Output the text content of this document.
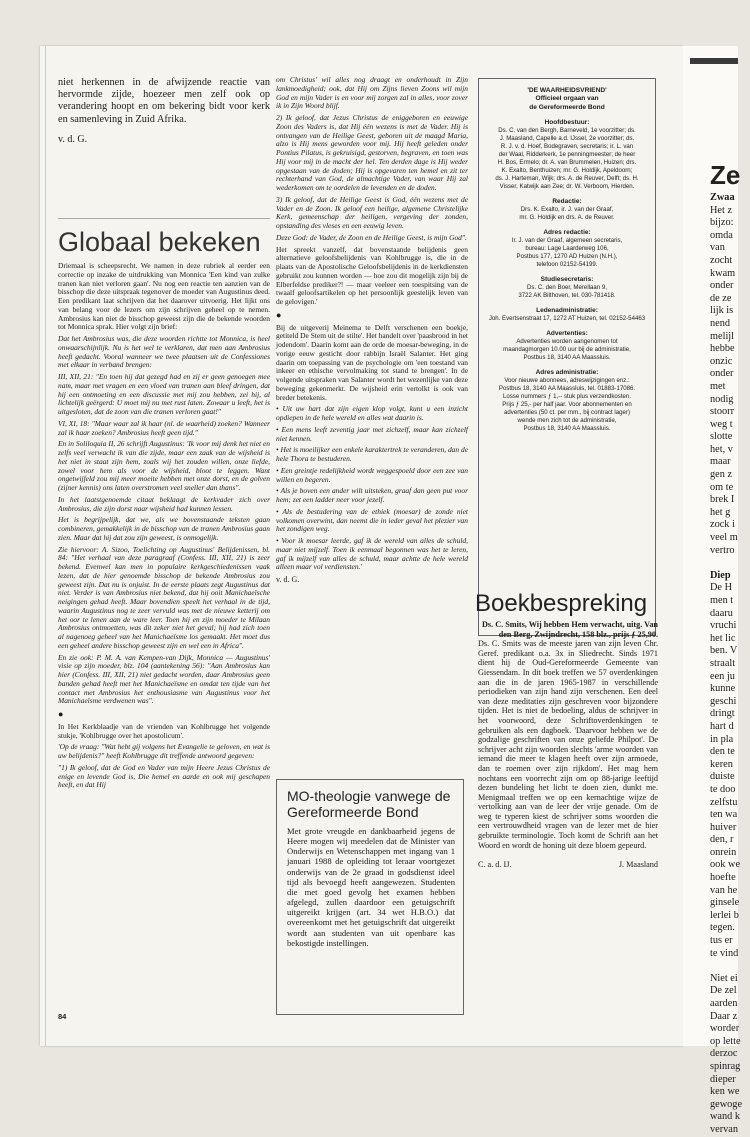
Ze
Zwaa
Het z
bijzo:
omda
van
zocht
kwam
onder
de ze
lijk is
nend
melijl
hebbe
onzic
onder
met
nodig
stoorr
weg t
slotte
het, v
maar
gen z
om te
brek I
het g
zock i
veel m
vertro
Diep
De H
men t
daaru
vruchi
het lic
ben. V
straalt
een ju
kunne
geschi
dringt
hart d
in pla
den te
keren
duiste
te doo
zelfstu
ten wa
huiver
den, r
onrein
ook we
hoefte
van he
ginsele
lerlei b
tegen.
tus er
te vind
Niet ei
De zel
aarden
Daar z
worder
op lette
derzoc
spinrag
dieper
ken we
gewoge
wand k
vervan

niet herkennen in de afwijzende reactie van hervormde zijde, hoezeer men zelf ook op verandering hoopt en om bekering bidt voor kerk en samenleving in Zuid Afrika.

v. d. G.

Globaal bekeken

Driemaal is scheepsrecht. We namen in deze rubriek al eerder een correctie op inzake de uitdrukking van Monnica 'Een kind van zulke tranen kan niet verloren gaan'. Nu nog een reactie ten aanzien van de bisschop die deze uitspraak tegenover de moeder van Augustinus deed. Een predikant laat schrijven dat het daarover uitvoerig. Het lijkt ons van belang voor de lezers om zijn schrijven geheel op te nemen. Ambrosius kan niet de bisschop geweest zijn die de bekende woorden tot Monnica sprak. Hier volgt zijn brief:

Dat het Ambrosius was, die deze woorden richtte tot Monnica, is heel onwaarschijnlijk. Nu is het wel te verklaren, dat men aan Ambrosius heeft gedacht. Vooral wanneer we twee plaatsen uit de Confessiones met elkaar in verband brengen:

III, XII, 21: "En toen hij dat gezegd had en zij er geen genoegen mee nam, maar met vragen en een vloed van tranen aan bleef dringen, dat hij een ontmoeting en een discussie met mij zou hebben, zei hij, al lichtelijk geërgerd: U moet mij nu met rust laten. Zowaar u leeft, het is uitgesloten, dat de zoon van die tranen verloren gaat!"

VI, XI, 18: "Maar waar zal ik haar (nl. de waarheid) zoeken? Wanneer zal ik haar zoeken? Ambrosius heeft geen tijd."

En in Soliloquia II, 26 schrijft Augustinus: 'Ik voor mij denk het niet en zelfs veel verwacht ik van die zijde, maar een zaak van de wijsheid is het niet in staat zijn hem, zoals wij het zouden willen, onze liefde, zowel voor hem als voor de wijsheid, bloot te leggen. Want ongetwijfeld zou mij meer moeite hebben met onze dorst, en de golven (zijner kennis) ons laten overstromen veel sneller dan thans".

In het laatstgenoemde citaat beklaagt de kerkvader zich over Ambrosius, die zijn dorst naar wijsheid had kunnen lessen.

Het is begrijpelijk, dat we, als we bovenstaande teksten gaan combineren, gemakkelijk in de bisschop van de tranen Ambrosius gaan zien. Maar dat hij dat zou zijn geweest, is onmogelijk.

Zie hiervoor: A. Sizoo, Toelichting op Augustinus' Belijdenissen, bl. 84: "Het verhaal van deze paragraaf (Confess. III, XII, 21) is zeer bekend. Evenwel kan men in populaire kerkgeschiedenissen vaak lezen, dat de hier genoemde bisschop de bekende Ambrosius zou geweest zijn. Dat nu is onjuist. In de eerste plaats zegt Augustinus dat niet. Verder is van Ambrosius niet bekend, dat hij ooit Manichaeïsche neigingen gehad heeft. Maar bovendien speelt het verhaal in de tijd, waarin Augustinus nog te zeer vervuld was met de nieuwe ketterij om het oor te lenen aan de ware leer. Toen hij en zijn moeder te Milaan Ambrosius ontmoetten, was dit zeker niet het geval; hij had zich toen al nagenoeg geheel van het Manichaeïsme los gemaakt. Het moet dus een geheel andere bisschop geweest zijn en wel een in Africa".

En zie ook: P. M. A. van Kempen-van Dijk, Monnica — Augustinus' visie op zijn moeder, blz. 104 (aantekening 56): "Aan Ambrosius kan hier (Confess. III, XII, 21) niet gedacht worden, daar Ambrosius geen banden gehad heeft met het Manichaeïsme en omdat ten tijde van het contact met Ambrosius het enthousiasme van Augustinus voor het Manichaeïsme verdwenen was".

●

In Het Kerkblaadje van de vrienden van Kohlbrugge het volgende stukje, 'Kohlbrugge over het apostolicum'.

'Op de vraag: "Wat hebt gij volgens het Evangelie te geloven, en wat is uw belijdenis?" heeft Kohlbrugge dit treffende antwoord gegeven:

"1) Ik geloof, dat de God en Vader van mijn Heere Jezus Christus de enige en levende God is, Die hemel en aarde en ook mij geschapen heeft, en dat Hij

om Christus' wil alles nog draagt en onderhoudt in Zijn lankmoedigheid; ook, dat Hij om Zijns lieven Zoons wil mijn God en mijn Vader is en voor mij zorgen zal in alles, voor zover ik in Zijn Woord blijf.

2) Ik geloof, dat Jezus Christus de eniggeboren en eeuwige Zoon des Vaders is, dat Hij één wezens is met de Vader. Hij is ontvangen van de Heilige Geest, geboren uit de maagd Maria, alzo is Hij mens geworden voor mij. Hij heeft geleden onder Pontius Pilatus, is gekruisigd, gestorven, begraven, en toen was Hij voor mij in de macht der hel. Ten derden dage is Hij weder opgestaan van de doden; Hij is opgevaren ten hemel en zit ter rechterhand van God, de almachtige Vader, van waar Hij zal wederkomen om te oordelen de levenden en de doden.

3) Ik geloof, dat de Heilige Geest is God, één wezens met de Vader en de Zoon. Ik geloof een heilige, algemene Christelijke Kerk, gemeenschap der heiligen, vergeving der zonden, opstanding des vleses en een eeuwig leven.

Deze God: de Vader, de Zoon en de Heilige Geest, is mijn God".

Het spreekt vanzelf, dat bovenstaande belijdenis geen alternatieve geloofsbelijdenis van Kohlbrugge is, die in de plaats van de Apostolische Geloofsbelijdenis in de kerkdiensten gebruikt zou kunnen worden — hoe zou dit mogelijk zijn bij de Elberfeldse prediker?! — maar veeleer een toespitsing van de twaalf geloofsartikelen op het persoonlijk geestelijk leven van de gelovigen.'

●

Bij de uitgeverij Meinema te Delft verschenen een boekje, getiteld De Stem uit de stilte'. Het handelt over 'paasbrood in het jodendom'. Daarin komt aan de orde de moesar-beweging, in de vorige eeuw gesticht door rabbijn Israël Salanter. Het ging daarin om toepassing van de psychologie om 'een toestand van inkeer en ethische vervolmaking tot stand te brengen'. In de volgende uitspraken van Salanter wordt het wezenlijke van deze beweging gekenmerkt. De wijsheid erin vertolkt is ook van breder betekenis.

• Uit uw hart dat zijn eigen klop volgt, kunt u een inzicht opdiepen in de hele wereld en alles wat daarin is.

• Een mens leeft zeventig jaar met zichzelf, maar kan zichzelf niet kennen.

• Het is moeilijker een enkele karaktertrek te veranderen, dan de hele Thora te bestuderen.

• Een greintje redelijkheid wordt weggespoeld door een zee van willen en begeren.

• Als je boven een ander wilt uitsteken, graaf dan geen put voor hem; zet een ladder neer voor jezelf.

• Als de bestudering van de ethiek (moesar) de zonde niet volkomen overwint, dan neemt die in ieder geval het plezier van het zondigen weg.

• Voor ik moesar leerde, gaf ik de wereld van alles de schuld, maar niet mijzelf. Toen ik eenmaal begonnen was het te leren, gaf ik mijzelf van alles de schuld, maar achtte de hele wereld alleen maar vol verdiensten.'

v. d. G.

MO-theologie vanwege de Gereformeerde Bond
Met grote vreugde en dankbaarheid jegens de Heere mogen wij meedelen dat de Minister van Onderwijs en Wetenschappen met ingang van 1 januari 1988 de opleiding tot leraar voortgezet onderwijs van de 2e graad in godsdienst ideel tijd als bevoegd heeft aangewezen. Studenten die met goed gevolg het examen hebben afgelegd, zullen daardoor een getuigschrift uitgereikt krijgen (art. 34 wet H.B.O.) dat overeenkomt met het getuigschrift dat uitgereikt wordt aan studenten van uit openbare kas bekostigde instellingen.

'DE WAARHEIDSVRIEND'

Officieel orgaan van

de Gereformeerde Bond

Hoofdbestuur:

Ds. C. van den Bergh, Barneveld, 1e voorzitter; ds.

J. Maasland, Capelle a.d. IJssel, 2e voorzitter; ds.

R. J. v. d. Hoef, Bodegraven, secretaris; ir. L. van

der Waal, Ridderkerk, 1e penningmeester; de heer

H. Bos, Ermelo; dr. A. van Brummelen, Huizen; drs.

K. Exalto, Benthuizen; mr. G. Holdijk, Apeldoorn;

ds. J. Harteman, Wijk; drs. A. de Reuver, Delft; ds. H.

Visser, Katwijk aan Zee; dr. W. Verboom, Hierden.

Redactie:

Drs. K. Exalto, ir. J. van der Graaf,

mr. G. Holdijk en drs. A. de Reuver.

Adres redactie:

Ir. J. van der Graaf, algemeen secretaris,

bureau: Lage Laarderweg 106,

Postbus 177, 1270 AD Huizen (N.H.),

telefoon 02152-54199.

Studiesecretaris:

Ds. C. den Boer, Merellaan 9,

3722 AK Bilthoven, tel. 030-781418.

Ledenadministratie:

Joh. Evertsenstraat 17, 1272 AT Huizen, tel. 02152-54463

Advertenties:

Advertenties worden aangenomen tot

maandagmorgen 10.00 uur bij de administratie,

Postbus 18, 3140 AA Maassluis.

Adres administratie:

Voor nieuwe abonnees, adreswijzigingen enz.:

Postbus 18, 3140 AA Maassluis, tel. 01883-17086.

Losse nummers ƒ 1,-- stuk plus verzendkosten.

Prijs ƒ 25,- per half jaar. Voor abonnementen en

advertenties (50 ct. per mm., bij contract lager)

wende men zich tot de administratie,

Postbus 18, 3140 AA Maassluis.

Boekbespreking

Ds. C. Smits, Wij hebben Hem verwacht, uitg. Van den Berg, Zwijndrecht, 158 blz., prijs ƒ 25,90.

Ds. C. Smits was de meeste jaren van zijn leven Chr. Geref. predikant o.a. 3x in Sliedrecht. Sinds 1971 dient hij de Oud-Gereformeerde Gemeente van Giessendam. In dit boek treffen we 57 overdenkingen aan die in de jaren 1965-1987 in verschillende periodieken van zijn hand zijn verschenen. Een deel van deze meditaties zijn geschreven voor bijzondere tijden. Het is niet de bedoeling, aldus de schrijver in het voorwoord, deze Schriftoverdenkingen te gebruiken als een dagboek. 'Daarvoor hebben we de godzalige geschriften van onze geliefde Philpot'. De schrijver acht zijn woorden slechts 'arme woorden van iemand die meer te klagen heeft over zijn armoede, dan te roemen over zijn rijkdom'. Het mag hem nochtans een voorrecht zijn om op 88-jarige leeftijd dezen bundeling het licht te doen zien, dunkt me. Menigmaal treffen we op een kernachtige wijze de vertolking aan van de leer der vrije genade. Om de weg te typeren kiest de schrijver soms woorden die een vertrouwdheid vragen van de lezer met de hier gebruikte terminologie. Toch komt de Schrift aan het Woord en wordt de honing uit deze bloem gepeurd.

C. a. d. IJ.	J. Maasland

84
